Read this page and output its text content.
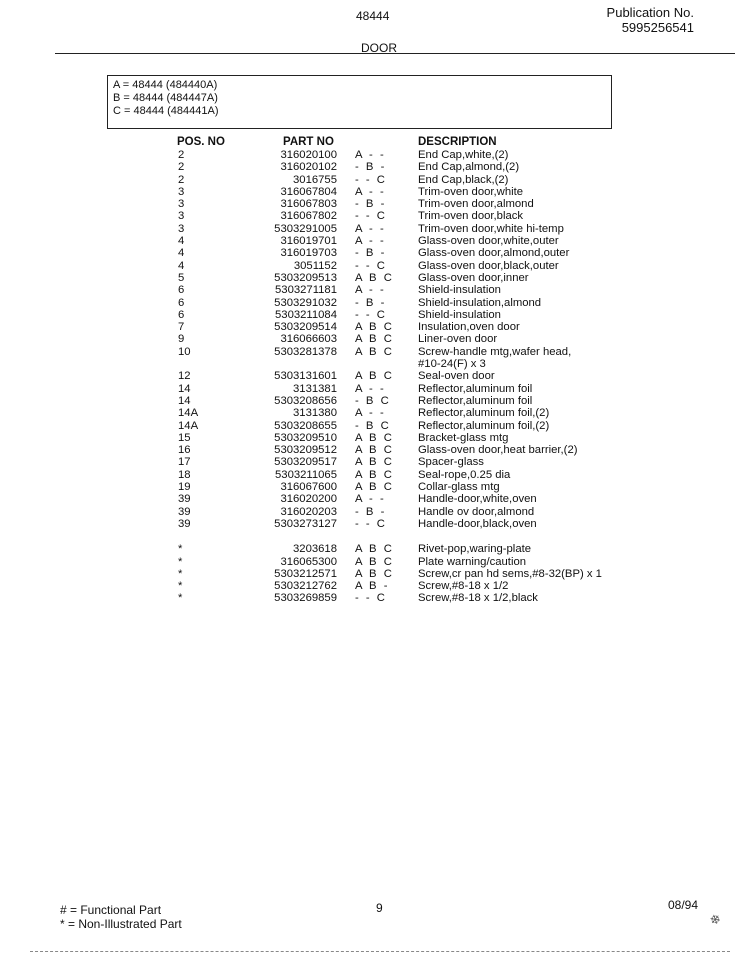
48444	Publication No.
5995256541
DOOR
A = 48444 (484440A)
B = 48444 (484447A)
C = 48444 (484441A)
POS. NO	PART NO	DESCRIPTION
2	316020100 A - -	End Cap,white,(2)
2	316020102 - B -	End Cap,almond,(2)
2	3016755 - - C	End Cap,black,(2)
3	316067804 A - -	Trim-oven door,white
3	316067803 - B -	Trim-oven door,almond
3	316067802 - - C	Trim-oven door,black
3	5303291005 A - -	Trim-oven door,white hi-temp
4	316019701 A - -	Glass-oven door,white,outer
4	316019703 - B -	Glass-oven door,almond,outer
4	3051152 - - C	Glass-oven door,black,outer
5	5303209513 A B C Glass-oven door,inner
6	5303271181 A - -	Shield-insulation
6	5303291032 - B -	Shield-insulation,almond
6	5303211084 - - C	Shield-insulation
7	5303209514 A B C Insulation,oven door
9	316066603 A B C Liner-oven door
10	5303281378 A B C Screw-handle mtg,wafer head,
#10-24(F) x 3
12	5303131601 A B C Seal-oven door
14	3131381 A - -	Reflector,aluminum foil
14	5303208656 - B C Reflector,aluminum foil
14A	3131380 A - -	Reflector,aluminum foil,(2)
14A	5303208655 - B C Reflector,aluminum foil,(2)
15	5303209510 A B C Bracket-glass mtg
16	5303209512 A B C Glass-oven door,heat barrier,(2)
17	5303209517 A B C Spacer-glass
18	5303211065 A B C Seal-rope,0.25 dia
19	316067600 A B C Collar-glass mtg
39	316020200 A - -	Handle-door,white,oven
39	316020203 - B -	Handle ov door,almond
39	5303273127 - - C	Handle-door,black,oven
*	3203618 A B C Rivet-pop,waring-plate
*	316065300 A B C Plate warning/caution
*	5303212571 A B C Screw,cr pan hd sems,#8-32(BP) x 1
*	5303212762 A B -	Screw,#8-18 x 1/2
*	5303269859 - - C	Screw,#8-18 x 1/2,black
# = Functional Part
* = Non-Illustrated Part
9	08/94
❄
